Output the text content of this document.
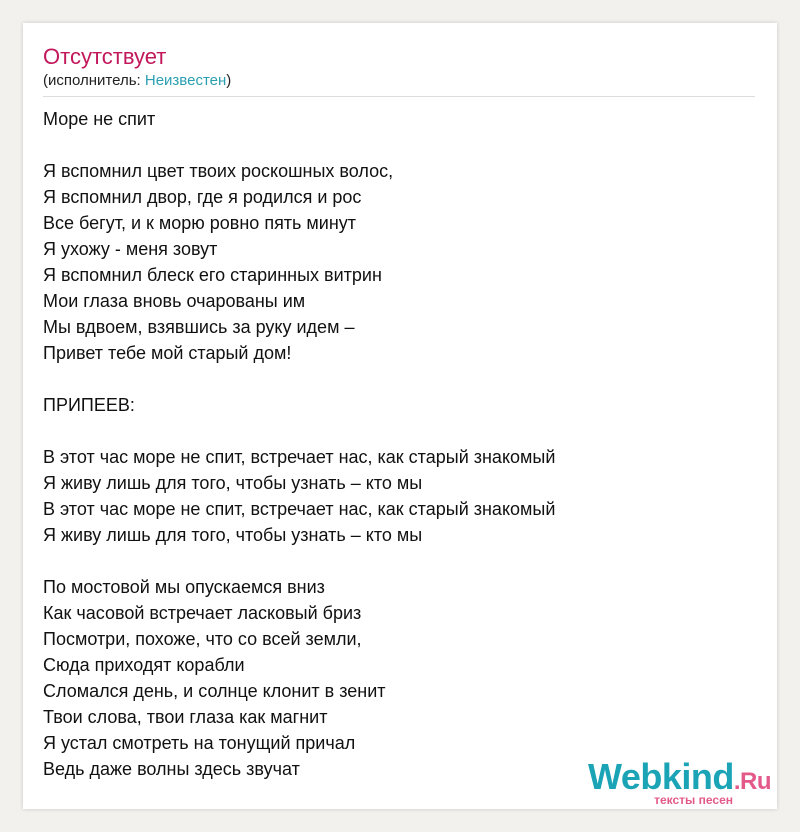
Отсутствует
(исполнитель: Неизвестен)
Море не спит
Я вспомнил цвет твоих роскошных волос,
Я вспомнил двор, где я родился и рос
Все бегут, и к морю ровно пять минут
Я ухожу - меня зовут
Я вспомнил блеск его старинных витрин
Мои глаза вновь очарованы им
Мы вдвоем, взявшись за руку идем –
Привет тебе мой старый дом!
ПРИПЕЕВ:
В этот час море не спит, встречает нас, как старый знакомый
Я живу лишь для того, чтобы узнать – кто мы
В этот час море не спит, встречает нас, как старый знакомый
Я живу лишь для того, чтобы узнать – кто мы
По мостовой мы опускаемся вниз
Как часовой встречает ласковый бриз
Посмотри, похоже, что со всей земли,
Сюда приходят корабли
Сломался день, и солнце клонит в зенит
Твои слова, твои глаза как магнит
Я устал смотреть на тонущий причал
Ведь даже волны здесь звучат	Webkind.Ru
тексты песен
